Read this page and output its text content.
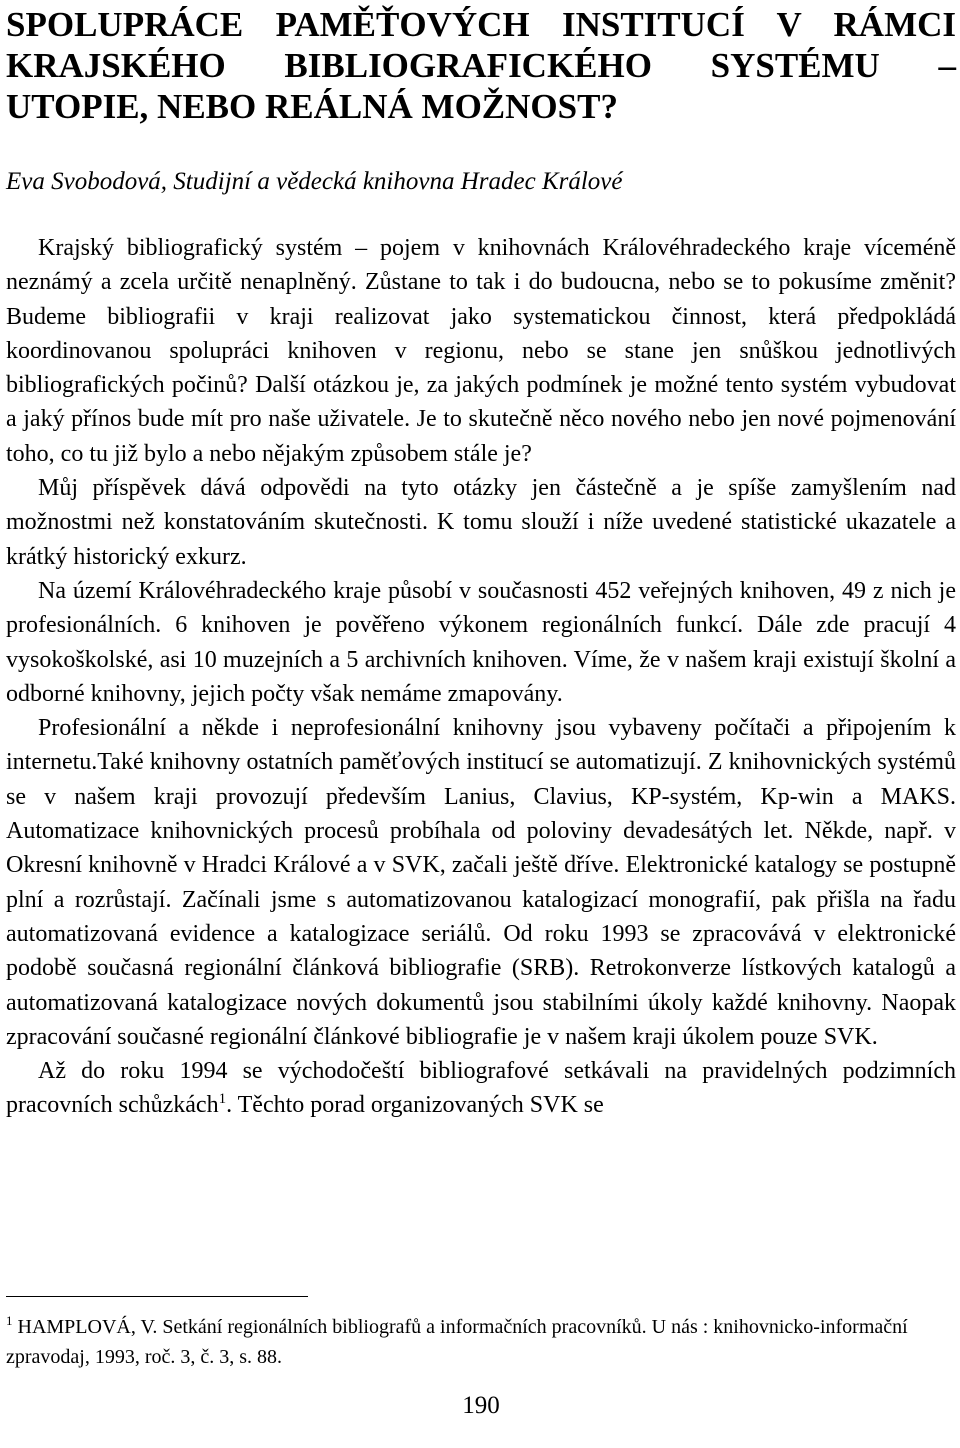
SPOLUPRÁCE PAMĚŤOVÝCH INSTITUCÍ V RÁMCI
KRAJSKÉHO BIBLIOGRAFICKÉHO SYSTÉMU –
UTOPIE, NEBO REÁLNÁ MOŽNOST?

Eva Svobodová, Studijní a vědecká knihovna Hradec Králové

Krajský bibliografický systém – pojem v knihovnách Královéhradeckého kraje víceméně neznámý a zcela určitě nenaplněný. Zůstane to tak i do budoucna, nebo se to pokusíme změnit? Budeme bibliografii v kraji realizovat jako systematickou činnost, která předpokládá koordinovanou spolupráci knihoven v regionu, nebo se stane jen snůškou jednotlivých bibliografických počinů? Další otázkou je, za jakých podmínek je možné tento systém vybudovat a jaký přínos bude mít pro naše uživatele. Je to skutečně něco nového nebo jen nové pojmenování toho, co tu již bylo a nebo nějakým způsobem stále je?

Můj příspěvek dává odpovědi na tyto otázky jen částečně a je spíše zamyšlením nad možnostmi než konstatováním skutečnosti. K tomu slouží i níže uvedené statistické ukazatele a krátký historický exkurz.

Na území Královéhradeckého kraje působí v současnosti 452 veřejných knihoven, 49 z nich je profesionálních. 6 knihoven je pověřeno výkonem regionálních funkcí. Dále zde pracují 4 vysokoškolské, asi 10 muzejních a 5 archivních knihoven. Víme, že v našem kraji existují školní a odborné knihovny, jejich počty však nemáme zmapovány.

Profesionální a někde i neprofesionální knihovny jsou vybaveny počítači a připojením k internetu.Také knihovny ostatních paměťových institucí se automatizují. Z knihovnických systémů se v našem kraji provozují především Lanius, Clavius, KP-systém, Kp-win a MAKS. Automatizace knihovnických procesů probíhala od poloviny devadesátých let. Někde, např. v Okresní knihovně v Hradci Králové a v SVK, začali ještě dříve. Elektronické katalogy se postupně plní a rozrůstají. Začínali jsme s automatizovanou katalogizací monografií, pak přišla na řadu automatizovaná evidence a katalogizace seriálů. Od roku 1993 se zpracovává v elektronické podobě současná regionální článková bibliografie (SRB). Retrokonverze lístkových katalogů a automatizovaná katalogizace nových dokumentů jsou stabilními úkoly každé knihovny. Naopak zpracování současné regionální článkové bibliografie je v našem kraji úkolem pouze SVK.

Až do roku 1994 se východočeští bibliografové setkávali na pravidelných podzimních pracovních schůzkách$^1$. Těchto porad organizovaných SVK se

$^1$ HAMPLOVÁ, V. Setkání regionálních bibliografů a informačních pracovníků. U nás : knihovnicko-informační zpravodaj, 1993, roč. 3, č. 3, s. 88.

190
